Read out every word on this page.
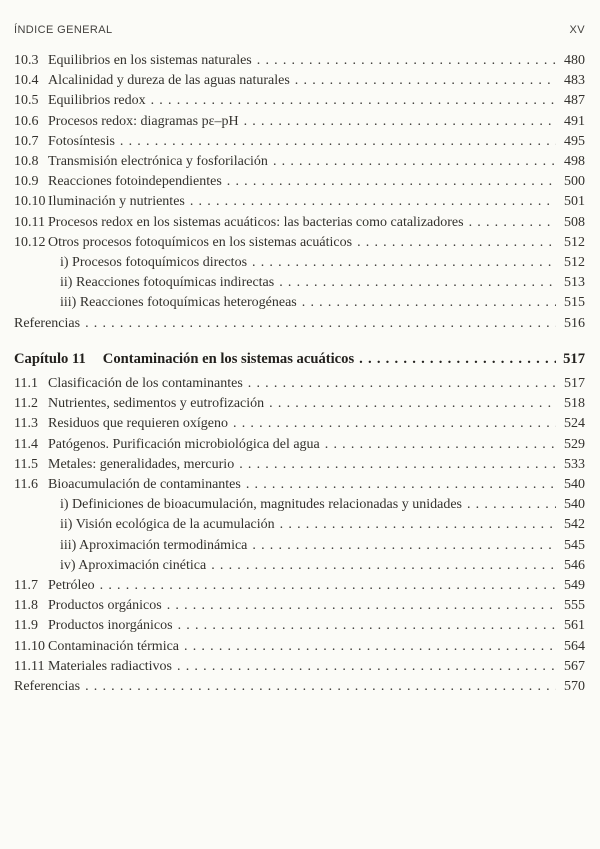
ÍNDICE GENERAL	XV
10.3 Equilibrios en los sistemas naturales .....	480
10.4 Alcalinidad y dureza de las aguas naturales .....	483
10.5 Equilibrios redox .....	487
10.6 Procesos redox: diagramas pε–pH .....	491
10.7 Fotosíntesis .....	495
10.8 Transmisión electrónica y fosforilación .....	498
10.9 Reacciones fotoindependientes .....	500
10.10 Iluminación y nutrientes .....	501
10.11 Procesos redox en los sistemas acuáticos: las bacterias como catalizadores .....	508
10.12 Otros procesos fotoquímicos en los sistemas acuáticos .....	512
i) Procesos fotoquímicos directos .....	512
ii) Reacciones fotoquímicas indirectas .....	513
iii) Reacciones fotoquímicas heterogéneas .....	515
Referencias .....	516
Capítulo 11 Contaminación en los sistemas acuáticos .....	517
11.1 Clasificación de los contaminantes .....	517
11.2 Nutrientes, sedimentos y eutrofización .....	518
11.3 Residuos que requieren oxígeno .....	524
11.4 Patógenos. Purificación microbiológica del agua .....	529
11.5 Metales: generalidades, mercurio .....	533
11.6 Bioacumulación de contaminantes .....	540
i) Definiciones de bioacumulación, magnitudes relacionadas y unidades .....	540
ii) Visión ecológica de la acumulación .....	542
iii) Aproximación termodinámica .....	545
iv) Aproximación cinética .....	546
11.7 Petróleo .....	549
11.8 Productos orgánicos .....	555
11.9 Productos inorgánicos .....	561
11.10 Contaminación térmica .....	564
11.11 Materiales radiactivos .....	567
Referencias .....	570
